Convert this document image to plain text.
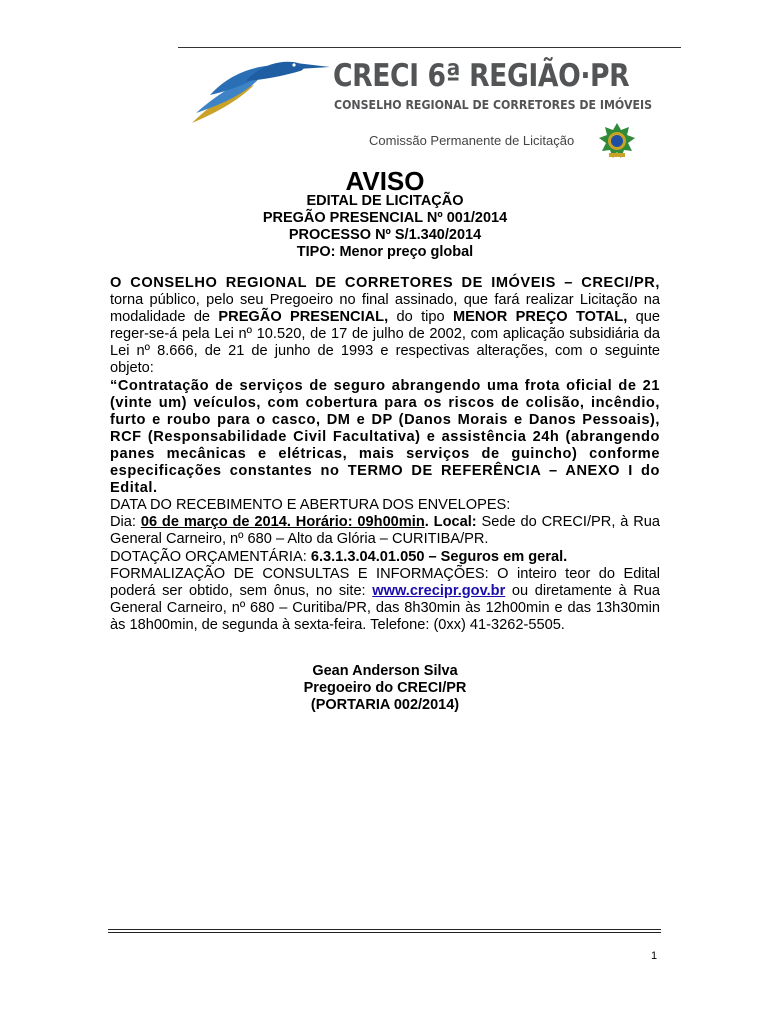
CRECI 6ª REGIÃO·PR
CONSELHO REGIONAL DE CORRETORES DE IMÓVEIS
Comissão Permanente de Licitação
AVISO
EDITAL DE LICITAÇÃO
PREGÃO PRESENCIAL Nº 001/2014
PROCESSO Nº S/1.340/2014
TIPO: Menor preço global

O CONSELHO REGIONAL DE CORRETORES DE IMÓVEIS – CRECI/PR, torna público, pelo seu Pregoeiro no final assinado, que fará realizar Licitação na modalidade de PREGÃO PRESENCIAL, do tipo MENOR PREÇO TOTAL, que reger-se-á pela Lei nº 10.520, de 17 de julho de 2002, com aplicação subsidiária da Lei nº 8.666, de 21 de junho de 1993 e respectivas alterações, com o seguinte objeto:

“Contratação de serviços de seguro abrangendo uma frota oficial de 21 (vinte um) veículos, com cobertura para os riscos de colisão, incêndio, furto e roubo para o casco, DM e DP (Danos Morais e Danos Pessoais), RCF (Responsabilidade Civil Facultativa) e assistência 24h (abrangendo panes mecânicas e elétricas, mais serviços de guincho) conforme especificações constantes no TERMO DE REFERÊNCIA – ANEXO I do Edital.

DATA DO RECEBIMENTO E ABERTURA DOS ENVELOPES:

Dia: 06 de março de 2014. Horário: 09h00min. Local: Sede do CRECI/PR, à Rua General Carneiro, nº 680 – Alto da Glória – CURITIBA/PR.

DOTAÇÃO ORÇAMENTÁRIA: 6.3.1.3.04.01.050 – Seguros em geral.

FORMALIZAÇÃO DE CONSULTAS E INFORMAÇÕES: O inteiro teor do Edital poderá ser obtido, sem ônus, no site: www.crecipr.gov.br ou diretamente à Rua General Carneiro, nº 680 – Curitiba/PR, das 8h30min às 12h00min e das 13h30min às 18h00min, de segunda à sexta-feira. Telefone: (0xx) 41-3262-5505.

Gean Anderson Silva
Pregoeiro do CRECI/PR
(PORTARIA 002/2014)
1
